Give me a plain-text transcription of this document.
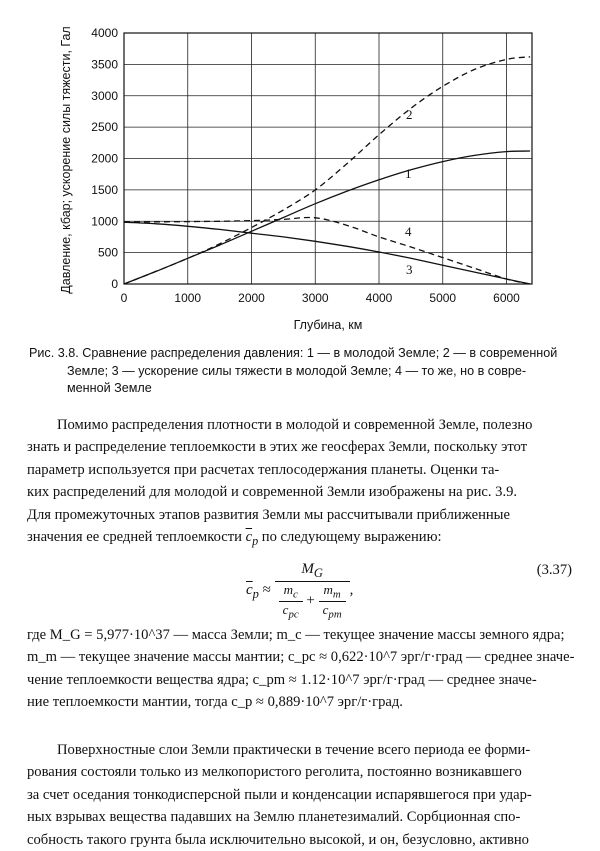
0	1000	2000	3000	4000	5000	6000
0
500
1000
1500
2000
2500
3000
3500
4000
Давление, кбар; ускорение силы тяжести, Гал
Глубина, км
1
2
3
4
Рис. 3.8. Сравнение распределения давления: 1 — в молодой Земле; 2 — в современной
Земле; 3 — ускорение силы тяжести в молодой Земле; 4 — то же, но в совре-
менной Земле
Помимо распределения плотности в молодой и современной Земле, полезно
знать и распределение теплоемкости в этих же геосферах Земли, поскольку этот
параметр используется при расчетах теплосодержания планеты. Оценки та-
ких распределений для молодой и современной Земли изображены на рис. 3.9.
Для промежуточных этапов развития Земли мы рассчитывали приближенные
значения ее средней теплоемкости $\overline{c}_p$ по следующему выражению:
$\overline{c}_p$ ≈
$M_G$
$\frac{m_c}{\overline{c}_{pc}} + \frac{m_m}{\overline{c}_{pm}}$ ,
(3.37)
где M_G = 5,977·10^37 — масса Земли; m_c — текущее значение массы земного ядра;
m_m — текущее значение массы мантии; c_pc ≈ 0,622·10^7 эрг/г·град — среднее значе-
чение теплоемкости вещества ядра; c_pm ≈ 1.12·10^7 эрг/г·град — среднее значе-
ние теплоемкости мантии, тогда c_p ≈ 0,889·10^7 эрг/г·град.
Поверхностные слои Земли практически в течение всего периода ее форми-
рования состояли только из мелкопористого реголита, постоянно возникавшего
за счет оседания тонкодисперсной пыли и конденсации испарявшегося при удар-
ных взрывах вещества падавших на Землю планетезималий. Сорбционная спо-
собность такого грунта была исключительно высокой, и он, безусловно, активно
